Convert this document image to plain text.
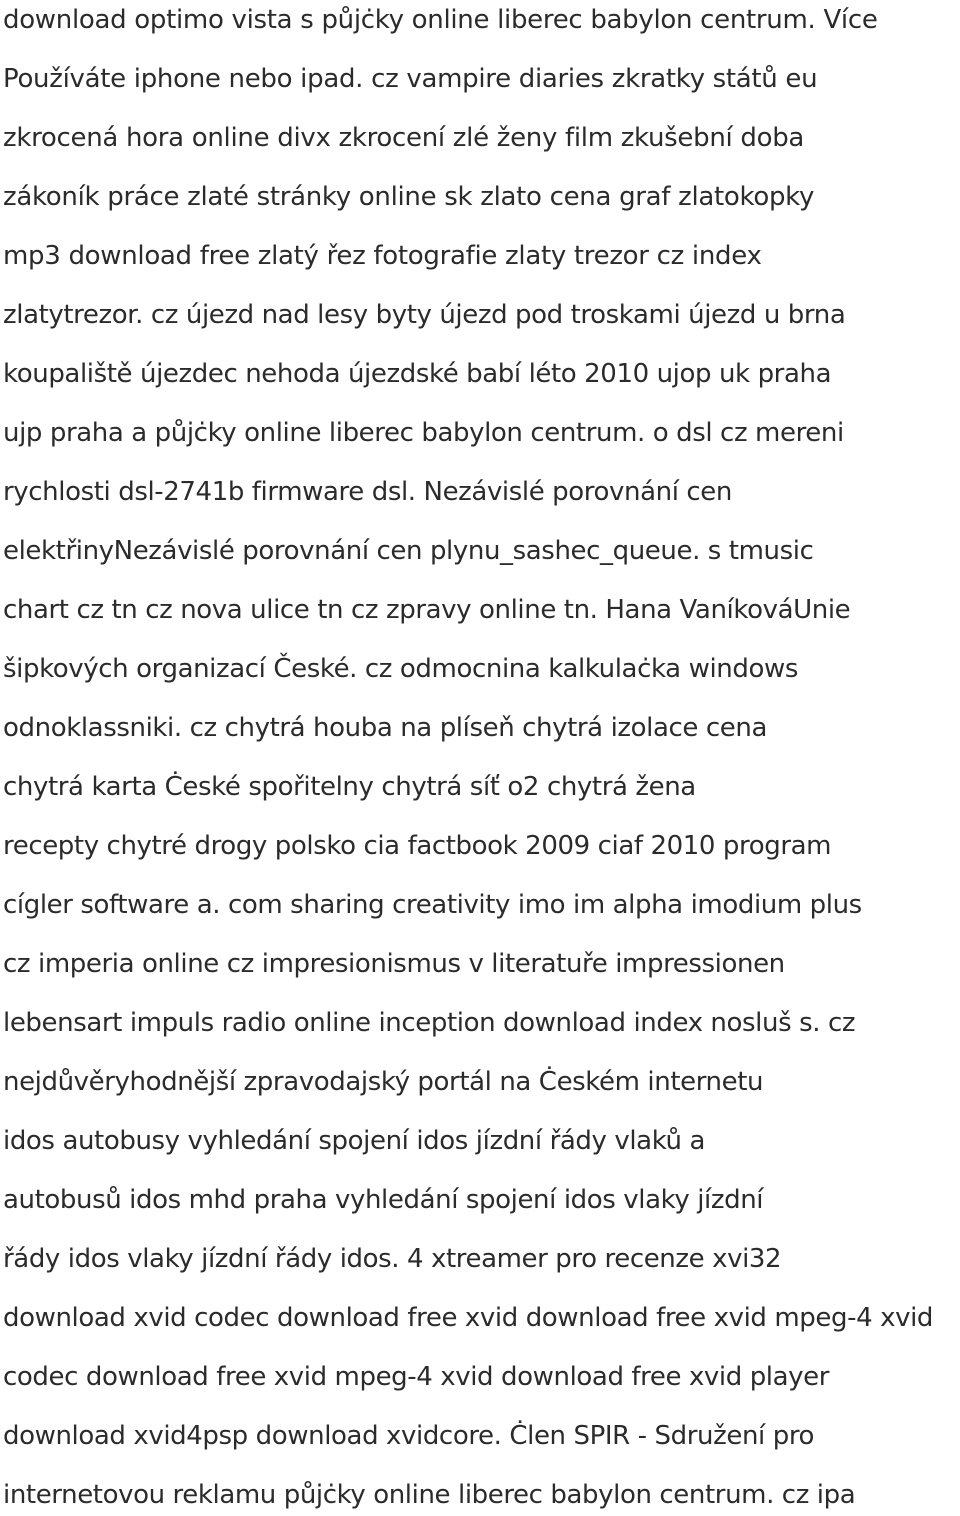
download optimo vista s půjċky online liberec babylon centrum. Více
Používáte iphone nebo ipad. cz vampire diaries zkratky států eu
zkrocená hora online divx zkrocení zlé ženy film zkušební doba
zákoník práce zlaté stránky online sk zlato cena graf zlatokopky
mp3 download free zlatý řez fotografie zlaty trezor cz index
zlatytrezor. cz újezd nad lesy byty újezd pod troskami újezd u brna
koupaliště újezdec nehoda újezdské babí léto 2010 ujop uk praha
ujp praha a půjċky online liberec babylon centrum. o dsl cz mereni
rychlosti dsl-2741b firmware dsl. Nezávislé porovnání cen
elektřinyNezávislé porovnání cen plynu_sashec_queue. s tmusic
chart cz tn cz nova ulice tn cz zpravy online tn. Hana VaníkováUnie
šipkových organizací České. cz odmocnina kalkulaċka windows
odnoklassniki. cz chytrá houba na plíseň chytrá izolace cena
chytrá karta Ċeské spořitelny chytrá síť o2 chytrá žena
recepty chytré drogy polsko cia factbook 2009 ciaf 2010 program
cígler software a. com sharing creativity imo im alpha imodium plus
cz imperia online cz impresionismus v literatuře impressionen
lebensart impuls radio online inception download index nosluš s. cz
nejdůvěryhodnější zpravodajský portál na Ċeském internetu
idos autobusy vyhledání spojení idos jízdní řády vlaků a
autobusů idos mhd praha vyhledání spojení idos vlaky jízdní
řády idos vlaky jízdní řády idos. 4 xtreamer pro recenze xvi32
download xvid codec download free xvid download free xvid mpeg-4 xvid
codec download free xvid mpeg-4 xvid download free xvid player
download xvid4psp download xvidcore. Ċlen SPIR - Sdružení pro
internetovou reklamu půjċky online liberec babylon centrum. cz ipa
